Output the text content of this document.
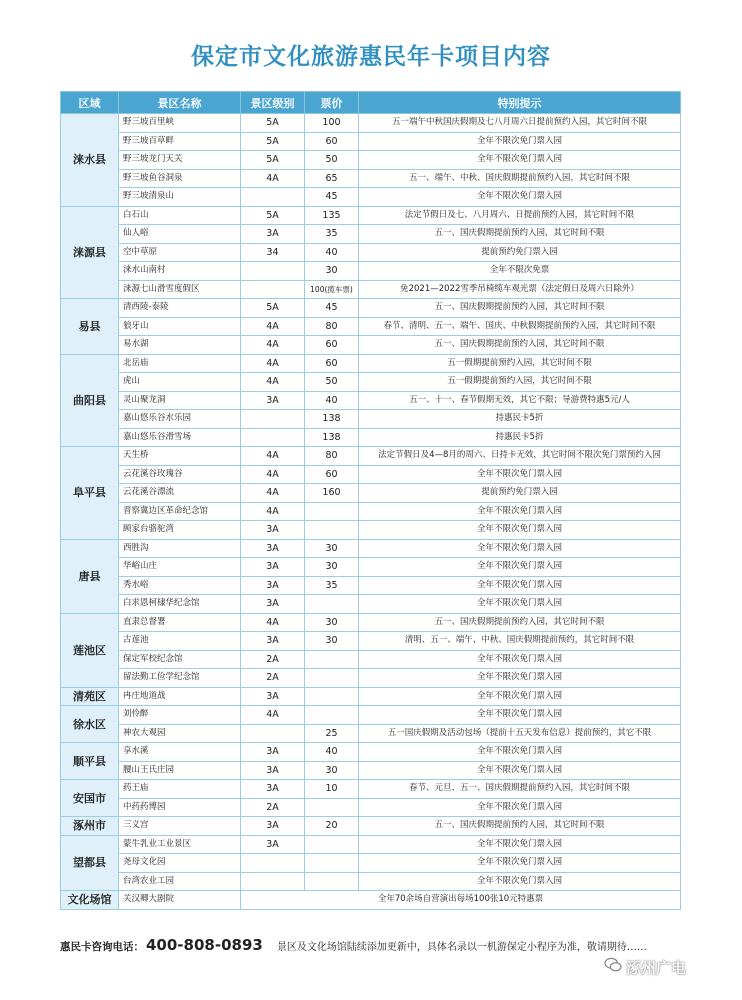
保定市文化旅游惠民年卡项目内容
区域	景区名称	景区级别	票价	特别提示
涞水县	野三坡百里峡	5A	100	五一端午中秋国庆假期及七八月周六日提前预约入园，其它时间不限
	野三坡百草畔	5A	60	全年不限次免门票入园
	野三坡龙门天关	5A	50	全年不限次免门票入园
	野三坡鱼谷洞泉	4A	65	五一、端午、中秋、国庆假期提前预约入园，其它时间不限
	野三坡清泉山		45	全年不限次免门票入园
涞源县	白石山	5A	135	法定节假日及七、八月周六、日提前预约入园，其它时间不限
	仙人峪	3A	35	五一、国庆假期提前预约入园，其它时间不限
	空中草原	34	40	提前预约免门票入园
	涞水山南村		30	全年不限次免票
	涞源七山滑雪度假区		100(揽车票)	免2021—2022雪季吊椅缆车观光票（法定假日及周六日除外）
易县	清西陵-泰陵	5A	45	五一、国庆假期提前预约入园，其它时间不限
	狼牙山	4A	80	春节、清明、五一、端午、国庆、中秋假期提前预约入园，其它时间不限
	易水湖	4A	60	五一、国庆假期提前预约入园，其它时间不限
曲阳县	北岳庙	4A	60	五一假期提前预约入园，其它时间不限
	虎山	4A	50	五一假期提前预约入园，其它时间不限
	灵山聚龙洞	3A	40	五一、十一、春节假期无效，其它不限；导游费特惠5元/人
	嘉山悠乐谷水乐园		138	持惠民卡5折
	嘉山悠乐谷滑雪场		138	持惠民卡5折
阜平县	天生桥	4A	80	法定节假日及4—8月的周六、日持卡无效，其它时间不限次免门票预约入园
	云花溪谷玫瑰谷	4A	60	全年不限次免门票入园
	云花溪谷漂流	4A	160	提前预约免门票入园
	晋察冀边区革命纪念馆	4A		全年不限次免门票入园
	顾家台骆驼湾	3A		全年不限次免门票入园
唐县	西胜沟	3A	30	全年不限次免门票入园
	华峪山庄	3A	30	全年不限次免门票入园
	秀水峪	3A	35	全年不限次免门票入园
	白求恩柯棣华纪念馆	3A		全年不限次免门票入园
莲池区	直隶总督署	4A	30	五一、国庆假期提前预约入园，其它时间不限
	古莲池	3A	30	清明、五一、端午、中秋、国庆假期提前预约，其它时间不限
	保定军校纪念馆	2A		全年不限次免门票入园
	留法勤工俭学纪念馆	2A		全年不限次免门票入园
清苑区	冉庄地道战	3A		全年不限次免门票入园
徐水区	刘伶醉	4A		全年不限次免门票入园
	神农大观园		25	五一国庆假期及活动包场（提前十五天发布信息）提前预约，其它不限
顺平县	享水溪	3A	40	全年不限次免门票入园
	腰山王氏庄园	3A	30	全年不限次免门票入园
安国市	药王庙	3A	10	春节、元旦、五一、国庆假期提前预约入园，其它时间不限
	中药药博园	2A		全年不限次免门票入园
涿州市	三义宫	3A	20	五一、国庆假期提前预约入园，其它时间不限
望都县	蒙牛乳业工业景区	3A		全年不限次免门票入园
	尧母文化园			全年不限次免门票入园
	台湾农业工园			全年不限次免门票入园
文化场馆	关汉卿大剧院	全年70余场自营演出每场100张10元特惠票		
惠民卡咨询电话： 400-808-0893 景区及文化场馆陆续添加更新中，具体名录以一机游保定小程序为准，敬请期待……
涿州广电
